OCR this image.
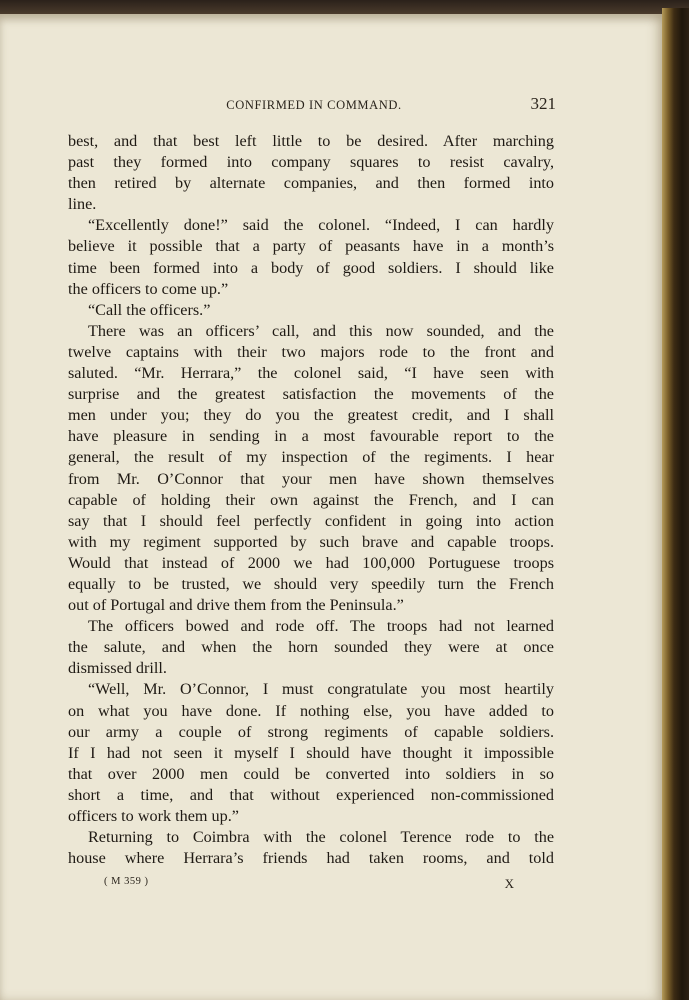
CONFIRMED IN COMMAND.	321
best, and that best left little to be desired. After marching
past they formed into company squares to resist cavalry,
then retired by alternate companies, and then formed into
line.
“Excellently done!” said the colonel. “Indeed, I can hardly
believe it possible that a party of peasants have in a month’s
time been formed into a body of good soldiers. I should like
the officers to come up.”
“Call the officers.”
There was an officers’ call, and this now sounded, and the
twelve captains with their two majors rode to the front and
saluted. “Mr. Herrara,” the colonel said, “I have seen with
surprise and the greatest satisfaction the movements of the
men under you; they do you the greatest credit, and I shall
have pleasure in sending in a most favourable report to the
general, the result of my inspection of the regiments. I hear
from Mr. O’Connor that your men have shown themselves
capable of holding their own against the French, and I can
say that I should feel perfectly confident in going into action
with my regiment supported by such brave and capable troops.
Would that instead of 2000 we had 100,000 Portuguese troops
equally to be trusted, we should very speedily turn the French
out of Portugal and drive them from the Peninsula.”
The officers bowed and rode off. The troops had not learned
the salute, and when the horn sounded they were at once
dismissed drill.
“Well, Mr. O’Connor, I must congratulate you most heartily
on what you have done. If nothing else, you have added to
our army a couple of strong regiments of capable soldiers.
If I had not seen it myself I should have thought it impossible
that over 2000 men could be converted into soldiers in so
short a time, and that without experienced non-commissioned
officers to work them up.”
Returning to Coimbra with the colonel Terence rode to the
house where Herrara’s friends had taken rooms, and told
( M 359 )	X
